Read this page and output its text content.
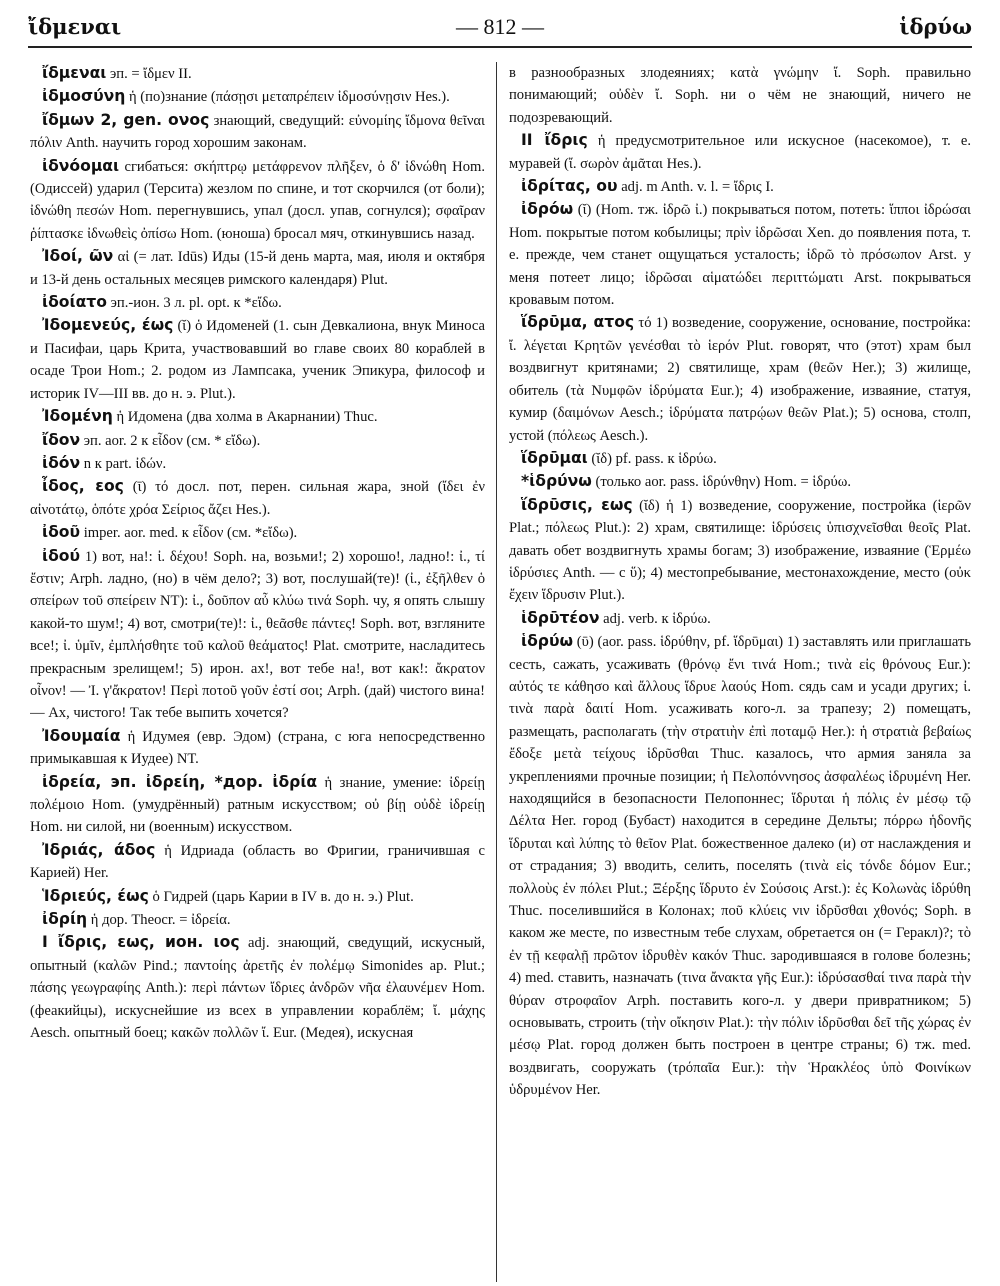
ἴδμεναι	— 812 —	ἱδρύω

ἴδμεναι эп. = ἴδμεν II.

ἰδμοσύνη ἡ (по)знание (πάσῃσι μεταπρέπειν ἰδμοσύνῃσιν Hes.).

ἴδμων 2, gen. ονος знающий, сведущий: εὐνομίης ἴδμονα θεῖναι πόλιν Anth. научить город хорошим законам.

ἰδνόομαι сгибаться: σκήπτρῳ μετάφρενον πλῆξεν, ὁ δ' ἰδνώθη Hom. (Одиссей) ударил (Терсита) жезлом по спине, и тот скорчился (от боли); ἰδνώθη πεσών Hom. перегнувшись, упал (досл. упав, согнулся); σφαῖραν ῥίπτασκε ἰδνωθεὶς ὀπίσω Hom. (юноша) бросал мяч, откинувшись назад.

Ἰδοί, ῶν αἱ (= лат. Idūs) Иды (15-й день марта, мая, июля и октября и 13-й день остальных месяцев римского календаря) Plut.

ἰδοίατο эп.-ион. 3 л. pl. opt. к *εἴδω.

Ἰδομενεύς, έως (ῐ) ὁ Идоменей (1. сын Девкалиона, внук Миноса и Пасифаи, царь Крита, участвовавший во главе своих 80 кораблей в осаде Трои Hom.; 2. родом из Лампсака, ученик Эпикура, философ и историк IV—III вв. до н. э. Plut.).

Ἰδομένη ἡ Идомена (два холма в Акарнании) Thuc.

ἴδον эп. aor. 2 к εἶδον (см. * εἴδω).

ἰδόν n к part. ἰδών.

ἶδος, εος (ῑ) τό досл. пот, перен. сильная жара, зной (ἴδει ἐν αἰνοτάτῳ, ὁπότε χρόα Σείριος ἄζει Hes.).

ἰδοῦ imper. aor. med. к εἶδον (см. *εἴδω).

ἰδού 1) вот, на!: ἰ. δέχου! Soph. на, возьми!; 2) хорошо!, ладно!: ἰ., τί ἔστιν; Arph. ладно, (но) в чём дело?; 3) вот, послушай(те)! (ἰ., ἐξῆλθεν ὁ σπείρων τοῦ σπείρειν NT): ἰ., δοῦπον αὖ κλύω τινά Soph. чу, я опять слышу какой-то шум!; 4) вот, смотри(те)!: ἰ., θεᾶσθε πάντες! Soph. вот, взгляните все!; ἰ. ὑμῖν, ἐμπλήσθητε τοῦ καλοῦ θεάματος! Plat. смотрите, насладитесь прекрасным зрелищем!; 5) ирон. ах!, вот тебе на!, вот как!: ἄκρατον οἶνον! — Ἰ. γ'ἄκρατον! Περὶ ποτοῦ γοῦν ἐστί σοι; Arph. (дай) чистого вина! — Ах, чистого! Так тебе выпить хочется?

Ἰδουμαία ἡ Идумея (евр. Эдом) (страна, с юга непосредственно примыкавшая к Иудее) NT.

ἰδρεία, эп. ἰδρείη, *дор. ἰδρία ἡ знание, умение: ἰδρείῃ πολέμοιο Hom. (умудрённый) ратным искусством; οὐ βίῃ οὐδὲ ἰδρείῃ Hom. ни силой, ни (военным) искусством.

Ἰδριάς, άδος ἡ Идриада (область во Фригии, граничившая с Карией) Her.

Ἱδριεύς, έως ὁ Гидрей (царь Карии в IV в. до н. э.) Plut.

ἰδρίη ἡ дор. Theocr. = ἰδρεία.

I ἴδρις, εως, ион. ιος adj. знающий, сведущий, искусный, опытный (καλῶν Pind.; παντοίης ἀρετῆς ἐν πολέμῳ Simonides ap. Plut.; πάσης γεωγραφίης Anth.): περὶ πάντων ἴδριες ἀνδρῶν νῆα ἐλαυνέμεν Hom. (феакийцы), искуснейшие из всех в управлении кораблём; ἴ. μάχης Aesch. опытный боец; κακῶν πολλῶν ἴ. Eur. (Медея), искусная

в разнообразных злодеяниях; κατὰ γνώμην ἴ. Soph. правильно понимающий; οὐδὲν ἴ. Soph. ни о чём не знающий, ничего не подозревающий.

II ἴδρις ἡ предусмотрительное или искусное (насекомое), т. е. муравей (ἴ. σωρὸν ἀμᾶται Hes.).

ἰδρίτας, ου adj. m Anth. v. l. = ἴδρις I.

ἰδρόω (ῐ) (Hom. тж. ἰδρῶ ἰ.) покрываться потом, потеть: ἵπποι ἰδρώσαι Hom. покрытые потом кобылицы; πρὶν ἰδρῶσαι Xen. до появления пота, т. е. прежде, чем станет ощущаться усталость; ἰδρῶ τὸ πρόσωπον Arst. у меня потеет лицо; ἰδρῶσαι αἱματώδει περιττώματι Arst. покрываться кровавым потом.

ἵδρῡμα, ατος τό 1) возведение, сооружение, основание, постройка: ἴ. λέγεται Κρητῶν γενέσθαι τὸ ἱερόν Plut. говорят, что (этот) храм был воздвигнут критянами; 2) святилище, храм (θεῶν Her.); 3) жилище, обитель (τὰ Νυμφῶν ἱδρύματα Eur.); 4) изображение, изваяние, статуя, кумир (δαιμόνων Aesch.; ἱδρύματα πατρῴων θεῶν Plat.); 5) основа, столп, устой (πόλεως Aesch.).

ἵδρῡμαι (ῐδ) pf. pass. к ἱδρύω.

*ἱδρύνω (только aor. pass. ἱδρύνθην) Hom. = ἱδρύω.

ἵδρῡσις, εως (ῐδ) ἡ 1) возведение, сооружение, постройка (ἱερῶν Plat.; πόλεως Plut.): 2) храм, святилище: ἱδρύσεις ὑπισχνεῖσθαι θεοῖς Plat. давать обет воздвигнуть храмы богам; 3) изображение, изваяние (Ἑρμέω ἱδρύσιες Anth. — с ὕ); 4) местопребывание, местонахождение, место (οὐκ ἔχειν ἵδρυσιν Plut.).

ἱδρῡτέον adj. verb. к ἱδρύω.

ἱδρύω (ῡ) (aor. pass. ἱδρύθην, pf. ἵδρῡμαι) 1) заставлять или приглашать сесть, сажать, усаживать (θρόνῳ ἔνι τινά Hom.; τινὰ εἰς θρόνους Eur.): αὐτός τε κάθησο καὶ ἄλλους ἵδρυε λαούς Hom. сядь сам и усади других; ἰ. τινὰ παρὰ δαιτί Hom. усаживать кого-л. за трапезу; 2) помещать, размещать, располагать (τὴν στρατιὴν ἐπὶ ποταμῷ Her.): ἡ στρατιὰ βεβαίως ἔδοξε μετὰ τείχους ἱδρῦσθαι Thuc. казалось, что армия заняла за укреплениями прочные позиции; ἡ Πελοπόννησος ἀσφαλέως ἱδρυμένη Her. находящийся в безопасности Пелопоннес; ἵδρυται ἡ πόλις ἐν μέσῳ τῷ Δέλτα Her. город (Бубаст) находится в середине Дельты; πόρρω ἡδονῆς ἵδρυται καὶ λύπης τὸ θεῖον Plat. божественное далеко (и) от наслаждения и от страдания; 3) вводить, селить, поселять (τινὰ εἰς τόνδε δόμον Eur.; πολλοὺς ἐν πόλει Plut.; Ξέρξης ἵδρυτο ἐν Σούσοις Arst.): ἐς Κολωνὰς ἱδρύθη Thuc. поселившийся в Колонах; ποῦ κλύεις νιν ἱδρῦσθαι χθονός; Soph. в каком же месте, по известным тебе слухам, обретается он (= Геракл)?; τὸ ἐν τῇ κεφαλῇ πρῶτον ἱδρυθὲν κακόν Thuc. зародившаяся в голове болезнь; 4) med. ставить, назначать (τινα ἄνακτα γῆς Eur.): ἱδρύσασθαί τινα παρὰ τὴν θύραν στροφαῖον Arph. поставить кого-л. у двери привратником; 5) основывать, строить (τὴν οἴκησιν Plat.): τὴν πόλιν ἱδρῦσθαι δεῖ τῆς χώρας ἐν μέσῳ Plat. город должен быть построен в центре страны; 6) тж. med. воздвигать, сооружать (τρόπαῖα Eur.): τὴν Ἡρακλέος ὑπὸ Φοινίκων ὑδρυμένον Her.
